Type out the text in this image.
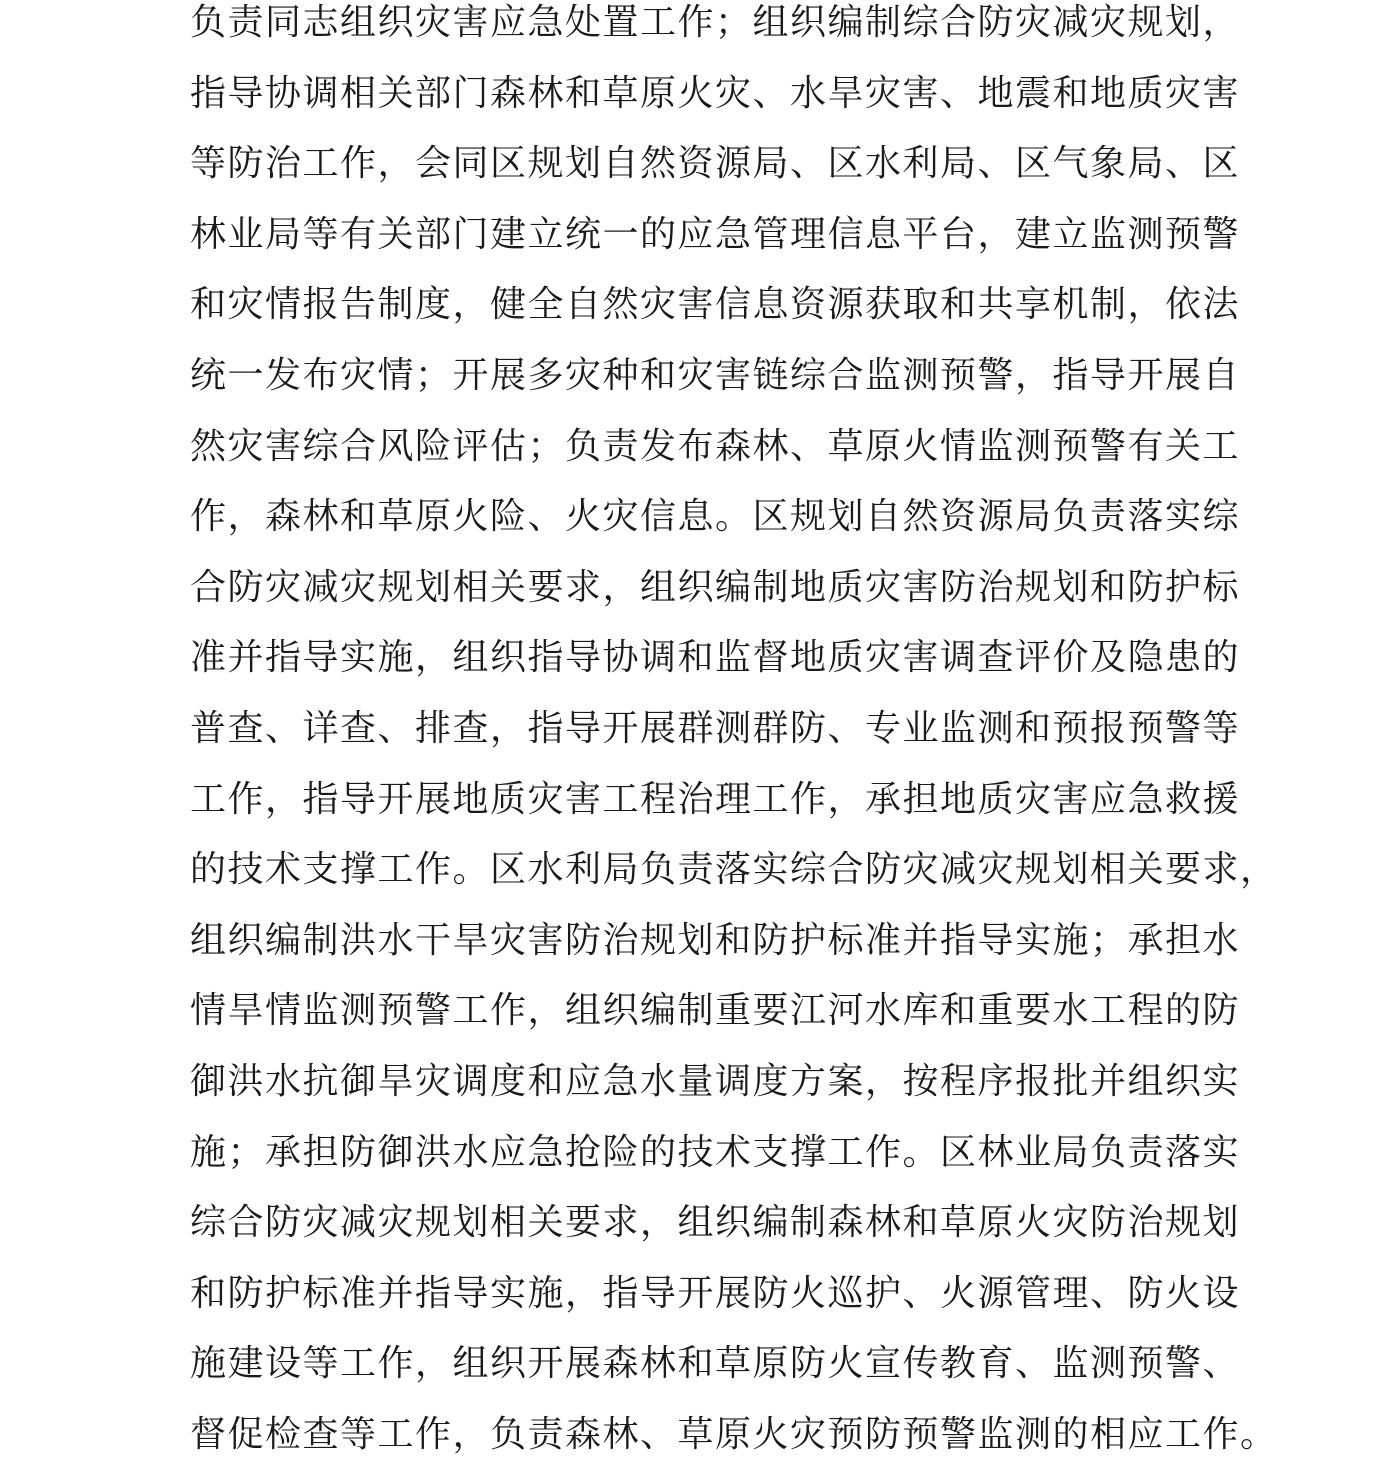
负责同志组织灾害应急处置工作；组织编制综合防灾减灾规划，
指导协调相关部门森林和草原火灾、水旱灾害、地震和地质灾害
等防治工作，会同区规划自然资源局、区水利局、区气象局、区
林业局等有关部门建立统一的应急管理信息平台，建立监测预警
和灾情报告制度，健全自然灾害信息资源获取和共享机制，依法
统一发布灾情；开展多灾种和灾害链综合监测预警，指导开展自
然灾害综合风险评估；负责发布森林、草原火情监测预警有关工
作，森林和草原火险、火灾信息。区规划自然资源局负责落实综
合防灾减灾规划相关要求，组织编制地质灾害防治规划和防护标
准并指导实施，组织指导协调和监督地质灾害调查评价及隐患的
普查、详查、排查，指导开展群测群防、专业监测和预报预警等
工作，指导开展地质灾害工程治理工作，承担地质灾害应急救援
的技术支撑工作。区水利局负责落实综合防灾减灾规划相关要求，
组织编制洪水干旱灾害防治规划和防护标准并指导实施；承担水
情旱情监测预警工作，组织编制重要江河水库和重要水工程的防
御洪水抗御旱灾调度和应急水量调度方案，按程序报批并组织实
施；承担防御洪水应急抢险的技术支撑工作。区林业局负责落实
综合防灾减灾规划相关要求，组织编制森林和草原火灾防治规划
和防护标准并指导实施，指导开展防火巡护、火源管理、防火设
施建设等工作，组织开展森林和草原防火宣传教育、监测预警、
督促检查等工作，负责森林、草原火灾预防预警监测的相应工作。
